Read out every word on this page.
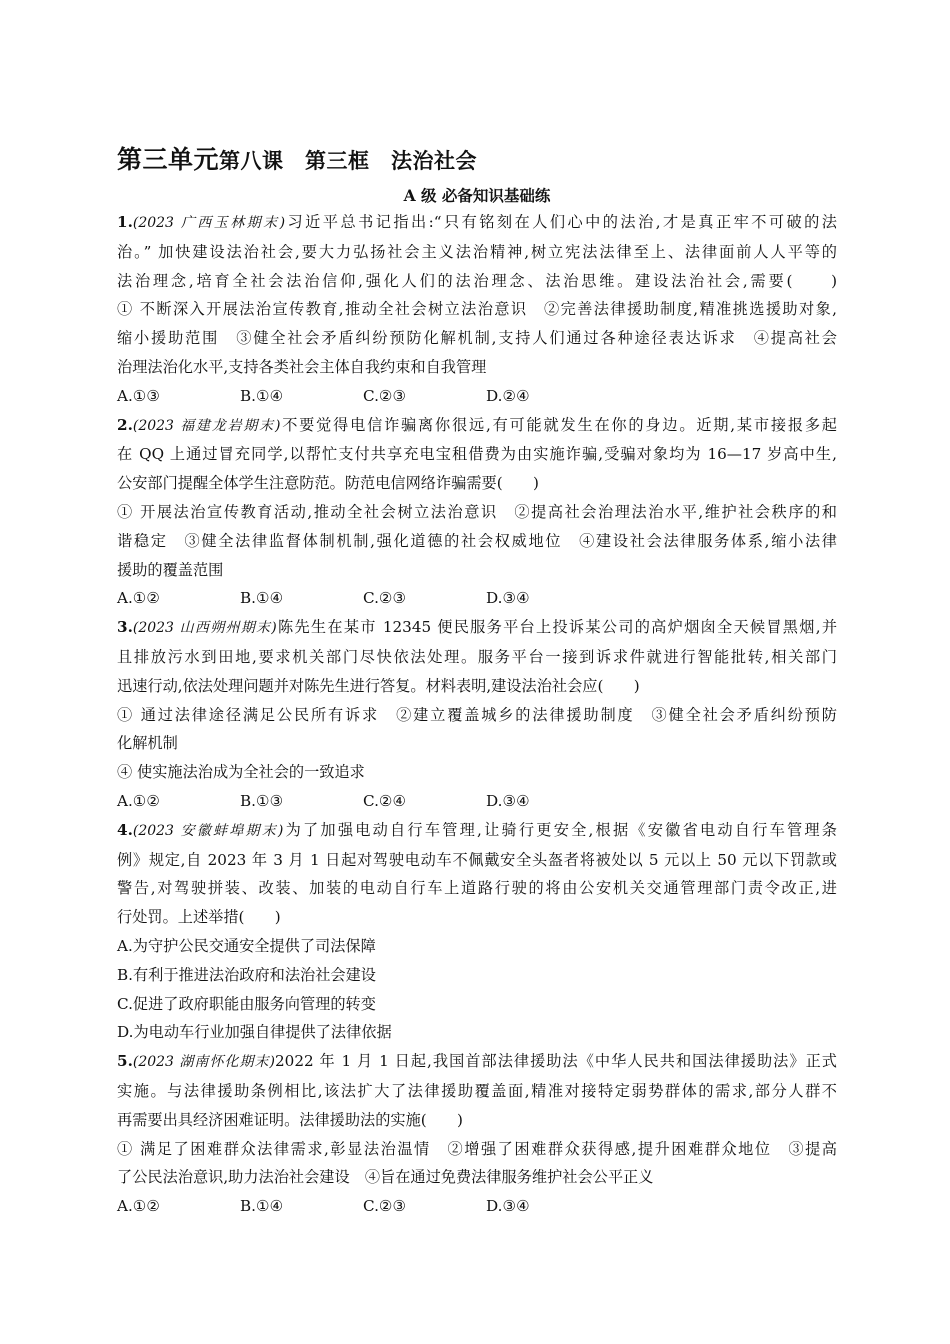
第三单元第八课　第三框　法治社会
A 级 必备知识基础练
1.(2023 广西玉林期末)习近平总书记指出:“只有铭刻在人们心中的法治,才是真正牢不可破的法
治。” 加快建设法治社会,要大力弘扬社会主义法治精神,树立宪法法律至上、法律面前人人平等的
法治理念,培育全社会法治信仰,强化人们的法治理念、法治思维。建设法治社会,需要(　　)
① 不断深入开展法治宣传教育,推动全社会树立法治意识　②完善法律援助制度,精准挑选援助对象,
缩小援助范围　③健全社会矛盾纠纷预防化解机制,支持人们通过各种途径表达诉求　④提高社会
治理法治化水平,支持各类社会主体自我约束和自我管理
A.①③	B.①④	C.②③	D.②④
2.(2023 福建龙岩期末)不要觉得电信诈骗离你很远,有可能就发生在你的身边。近期,某市接报多起
在 QQ 上通过冒充同学,以帮忙支付共享充电宝租借费为由实施诈骗,受骗对象均为 16—17 岁高中生,
公安部门提醒全体学生注意防范。防范电信网络诈骗需要(　　)
① 开展法治宣传教育活动,推动全社会树立法治意识　②提高社会治理法治水平,维护社会秩序的和
谐稳定　③健全法律监督体制机制,强化道德的社会权威地位　④建设社会法律服务体系,缩小法律
援助的覆盖范围
A.①②	B.①④	C.②③	D.③④
3.(2023 山西朔州期末)陈先生在某市 12345 便民服务平台上投诉某公司的高炉烟囱全天候冒黑烟,并
且排放污水到田地,要求机关部门尽快依法处理。服务平台一接到诉求件就进行智能批转,相关部门
迅速行动,依法处理问题并对陈先生进行答复。材料表明,建设法治社会应(　　)
① 通过法律途径满足公民所有诉求　②建立覆盖城乡的法律援助制度　③健全社会矛盾纠纷预防
化解机制
④ 使实施法治成为全社会的一致追求
A.①②	B.①③	C.②④	D.③④
4.(2023 安徽蚌埠期末)为了加强电动自行车管理,让骑行更安全,根据《安徽省电动自行车管理条
例》规定,自 2023 年 3 月 1 日起对驾驶电动车不佩戴安全头盔者将被处以 5 元以上 50 元以下罚款或
警告,对驾驶拼装、改装、加装的电动自行车上道路行驶的将由公安机关交通管理部门责令改正,进
行处罚。上述举措(　　)
A.为守护公民交通安全提供了司法保障
B.有利于推进法治政府和法治社会建设
C.促进了政府职能由服务向管理的转变
D.为电动车行业加强自律提供了法律依据
5.(2023 湖南怀化期末)2022 年 1 月 1 日起,我国首部法律援助法《中华人民共和国法律援助法》正式
实施。与法律援助条例相比,该法扩大了法律援助覆盖面,精准对接特定弱势群体的需求,部分人群不
再需要出具经济困难证明。法律援助法的实施(　　)
① 满足了困难群众法律需求,彰显法治温情　②增强了困难群众获得感,提升困难群众地位　③提高
了公民法治意识,助力法治社会建设　④旨在通过免费法律服务维护社会公平正义
A.①②	B.①④	C.②③	D.③④
